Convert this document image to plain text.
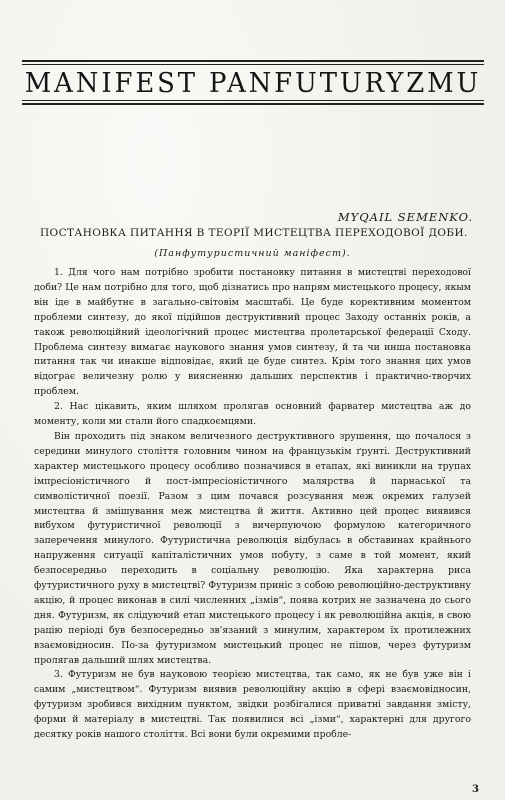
MANIFEST PANFUTURYZMU
MYQAIL SEMENKO.
ПОСТАНОВКА ПИТАННЯ В ТЕОРІЇ МИСТЕЦТВА ПЕРЕХОДОВОЇ ДОБИ.
(Панфутуристичний маніфест).

1. Для чого нам потрібно зробити постановку питання в мистецтві переходової доби? Це нам потрібно для того, щоб дізнатись про напрям мистецького процесу, якым він іде в майбутнє в загально-світовім масштабі. Це буде корективним моментом проблеми синтезу, до якої підійшов деструктивний процес Заходу останніх років, а також революційний ідеологічний процес мистецтва пролетарської федерації Сходу. Проблема синтезу вимагає наукового знання умов синтезу, й та чи инша постановка питання так чи инакше відповідає, який це буде синтез. Крім того знання цих умов відограє величезну ролю у виясненню дальших перспектив і практично-творчих проблем.

2. Нас цікавить, яким шляхом пролягав основний фарватер мистецтва аж до моменту, коли ми стали його спадкоємцями.

Він проходить під знаком величезного деструктивного зрушення, що почалося з середини минулого століття головним чином на французькім ґрунті. Деструктивний характер мистецького процесу особливо позначився в етапах, які виникли на трупах імпресіоністичного й пост-імпресіоністичного малярства й парнаської та символістичної поезії. Разом з цим почався розсування меж окремих галузей мистецтва й змішування меж мистецтва й життя. Активно цей процес виявився вибухом футуристичної революції з вичерпуючою формулою категоричного заперечення минулого. Футуристична революція відбулась в обставинах крайнього напруження ситуації капіталістичних умов побуту, з саме в той момент, який безпосередньо переходить в соціальну революцію. Яка характерна риса футуристичного руху в мистецтві? Футуризм приніс з собою революційно-деструктивну акцію, й процес виконав в силі численних „ізмів“, поява котрих не зазначена до сього дня. Футуризм, як слідуючий етап мистецького процесу і як революційна акція, в свою рацію періоді був безпосередньо зв'язаний з минулим, характером їх протилежних взаємовідносин. По-за футуризмом мистецький процес не пішов, через футуризм пролягав дальший шлях мистецтва.

3. Футуризм не був науковою теорією мистецтва, так само, як не був уже він і самим „мистецтвом“. Футуризм виявив революційну акцію в сфері взаємовідносин, футуризм зробився вихідним пунктом, звідки розбігалися приватні завдання змісту, форми й матеріалу в мистецтві. Так появилися всі „ізми“, характерні для другого десятку років нашого століття. Всі вони були окремими пробле-

3
